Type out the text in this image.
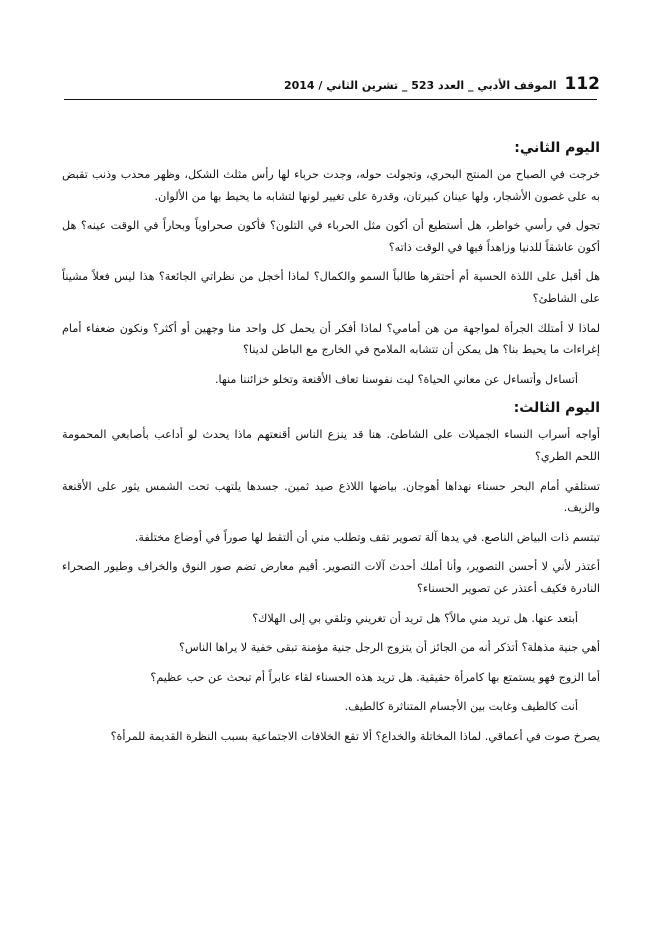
112
الموقف الأدبي _ العدد 523 _ تشرين الثاني / 2014
اليوم الثاني:

خرجت في الصباح من المنتج البحري، وتجولت حوله، وجدت حرباء لها رأس مثلث الشكل، وظهر محدب وذنب تقبض به على غصون الأشجار، ولها عينان كبيرتان، وقدرة على تغيير لونها لتشابه ما يحيط بها من الألوان.

تجول في رأسي خواطر، هل أستطيع أن أكون مثل الحرباء في التلون؟ فأكون صحراوياً وبحاراً في الوقت عينه؟ هل أكون عاشقاً للدنيا وزاهداً فيها في الوقت ذاته؟

هل أقبل على اللذة الحسية أم أحتقرها طالباً السمو والكمال؟ لماذا أخجل من نظراتي الجائعة؟ هذا ليس فعلاً مشيناً على الشاطئ؟

لماذا لا أمتلك الجرأة لمواجهة من هن أمامي؟ لماذا أفكر أن يحمل كل واحد منا وجهين أو أكثر؟ ونكون ضعفاء أمام إغراءات ما يحيط بنا؟ هل يمكن أن تتشابه الملامح في الخارج مع الباطن لدينا؟

أتساءل وأتساءل عن معاني الحياة؟ ليت نفوسنا تعاف الأقنعة وتخلو خزائننا منها.

اليوم الثالث:

أواجه أسراب النساء الجميلات على الشاطئ. هنا قد ينزع الناس أقنعتهم ماذا يحدث لو أداعب بأصابعي المحمومة اللحم الطري؟

تستلقي أمام البحر حسناء نهداها أهوجان. بياضها اللاذع صيد ثمين. جسدها يلتهب تحت الشمس يثور على الأقنعة والزيف.

تبتسم ذات البياض الناصع. في يدها آلة تصوير تقف وتطلب مني أن ألتقط لها صوراً في أوضاع مختلفة.

أعتذر لأني لا أحسن التصوير، وأنا أملك أحدث آلات التصوير. أقيم معارض تضم صور النوق والخراف وطيور الصحراء النادرة فكيف أعتذر عن تصوير الحسناء؟

أبتعد عنها. هل تريد مني مالاً؟ هل تريد أن تغريني وتلقي بي إلى الهلاك؟

أهي جنية مذهلة؟ أتذكر أنه من الجائز أن يتزوج الرجل جنية مؤمنة تبقى خفية لا يراها الناس؟

أما الزوج فهو يستمتع بها كامرأة حقيقية. هل تريد هذه الحسناء لقاء عابراً أم تبحث عن حب عظيم؟

أنت كالطيف وغابت بين الأجسام المتناثرة كالطيف.

يصرخ صوت في أعماقي. لماذا المخاتلة والخداع؟ ألا تقع الخلافات الاجتماعية بسبب النظرة القديمة للمرأة؟
